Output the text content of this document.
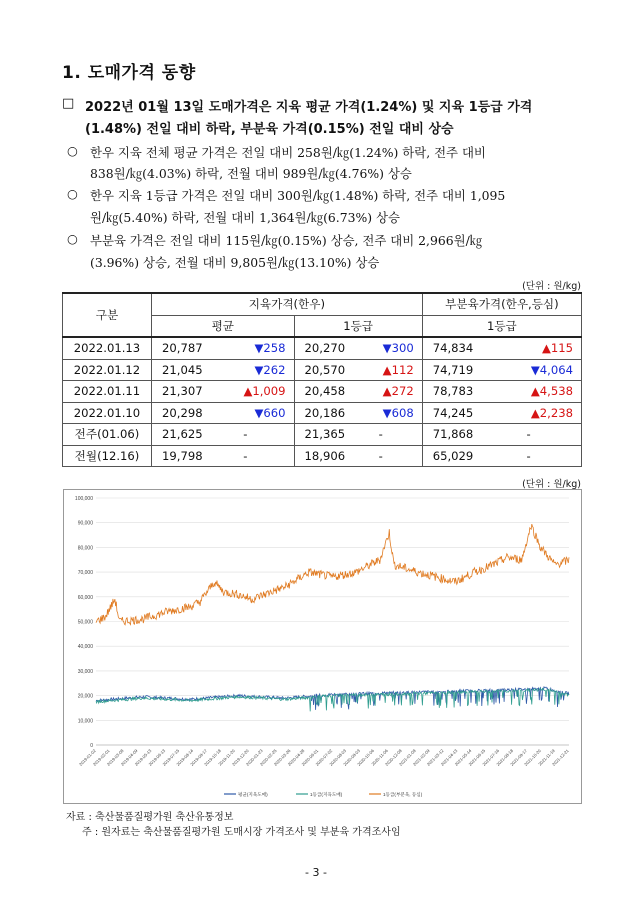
1. 도매가격 동향
□ 2022년 01월 13일 도매가격은 지육 평균 가격(1.24%) 및 지육 1등급 가격
(1.48%) 전일 대비 하락, 부분육 가격(0.15%) 전일 대비 상승
○ 한우 지육 전체 평균 가격은 전일 대비 258원/㎏(1.24%) 하락, 전주 대비
838원/㎏(4.03%) 하락, 전월 대비 989원/㎏(4.76%) 상승
○ 한우 지육 1등급 가격은 전일 대비 300원/㎏(1.48%) 하락, 전주 대비 1,095
원/㎏(5.40%) 하락, 전월 대비 1,364원/㎏(6.73%) 상승
○ 부분육 가격은 전일 대비 115원/㎏(0.15%) 상승, 전주 대비 2,966원/㎏
(3.96%) 상승, 전월 대비 9,805원/㎏(13.10%) 상승
(단위 : 원/kg)
구분	지육가격(한우)				부분육가격(한우,등심)	
	평균		1등급		1등급	
2022.01.13	20,787	▼258	20,270	▼300	74,834	▲115
2022.01.12	21,045	▼262	20,570	▲112	74,719	▼4,064
2022.01.11	21,307	▲1,009	20,458	▲272	78,783	▲4,538
2022.01.10	20,298	▼660	20,186	▼608	74,245	▲2,238
전주(01.06)	21,625	-	21,365	-	71,868	-
전월(12.16)	19,798	-	18,906	-	65,029	-
(단위 : 원/kg)
0
10,000
20,000
30,000
40,000
50,000
60,000
70,000
80,000
90,000
100,000
2019-01-02
2019-02-01
2019-03-08
2019-04-09
2019-05-13
2019-06-13
2019-07-15
2019-08-14
2019-09-17
2019-10-18
2019-11-20
2019-12-20
2020-01-23
2020-02-25
2020-03-26
2020-04-28
2020-06-01
2020-07-02
2020-08-03
2020-09-03
2020-10-06
2020-11-06
2020-12-08
2021-01-08
2021-02-09
2021-03-12
2021-04-13
2021-05-14
2021-06-15
2021-07-16
2021-08-18
2021-09-17
2021-10-20
2021-11-19
2021-12-21
평균(지육도매)	1등급(지육도매)	1등급(부분육, 등심)
자료 : 축산물품질평가원 축산유통정보
주 : 원자료는 축산물품질평가원 도매시장 가격조사 및 부분육 가격조사임
- 3 -
